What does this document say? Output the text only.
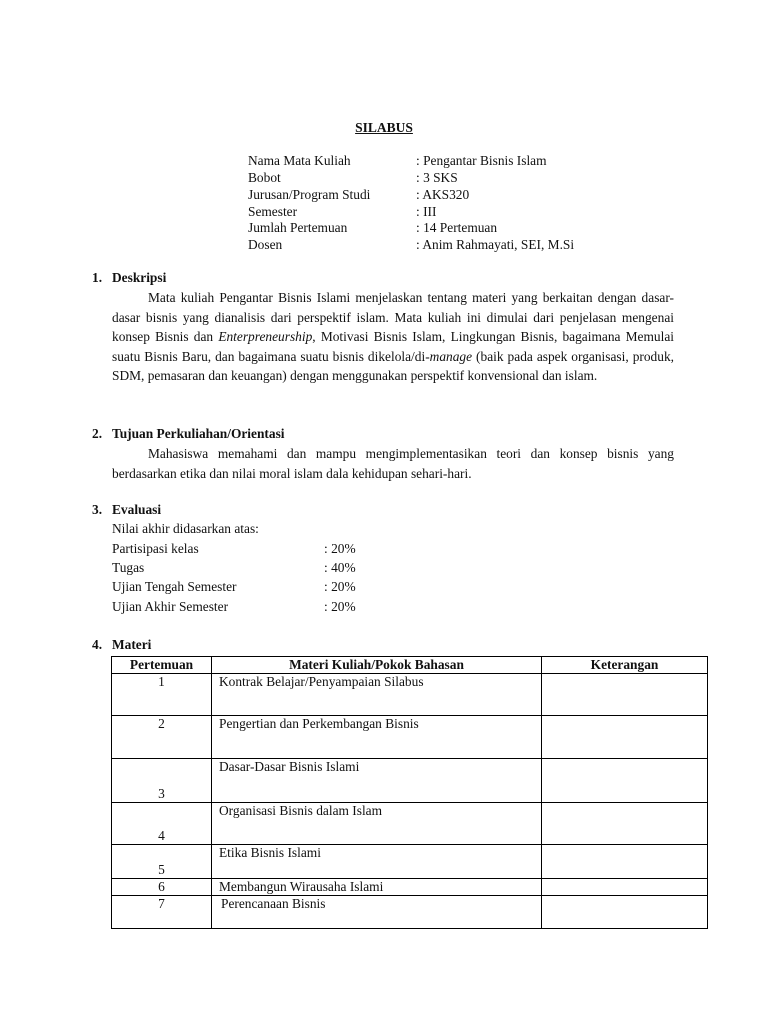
SILABUS
Nama Mata Kuliah	: Pengantar Bisnis Islam
Bobot	: 3 SKS
Jurusan/Program Studi	: AKS320
Semester	: III
Jumlah Pertemuan	: 14 Pertemuan
Dosen	: Anim Rahmayati, SEI, M.Si
1. Deskripsi
Mata kuliah Pengantar Bisnis Islami menjelaskan tentang materi yang berkaitan dengan dasar-dasar bisnis yang dianalisis dari perspektif islam. Mata kuliah ini dimulai dari penjelasan mengenai konsep Bisnis dan Enterpreneurship, Motivasi Bisnis Islam, Lingkungan Bisnis, bagaimana Memulai suatu Bisnis Baru, dan bagaimana suatu bisnis dikelola/di-manage (baik pada aspek organisasi, produk, SDM, pemasaran dan keuangan) dengan menggunakan perspektif konvensional dan islam.
2. Tujuan Perkuliahan/Orientasi
Mahasiswa memahami dan mampu mengimplementasikan teori dan konsep bisnis yang berdasarkan etika dan nilai moral islam dala kehidupan sehari-hari.
3. Evaluasi
Nilai akhir didasarkan atas:
Partisipasi kelas	: 20%
Tugas	: 40%
Ujian Tengah Semester	: 20%
Ujian Akhir Semester	: 20%
4. Materi
Pertemuan	Materi Kuliah/Pokok Bahasan	Keterangan
1	Kontrak Belajar/Penyampaian Silabus	
2	Pengertian dan Perkembangan Bisnis	
3	Dasar-Dasar Bisnis Islami	
4	Organisasi Bisnis dalam Islam	
5	Etika Bisnis Islami	
6	Membangun Wirausaha Islami	
7	Perencanaan Bisnis	
